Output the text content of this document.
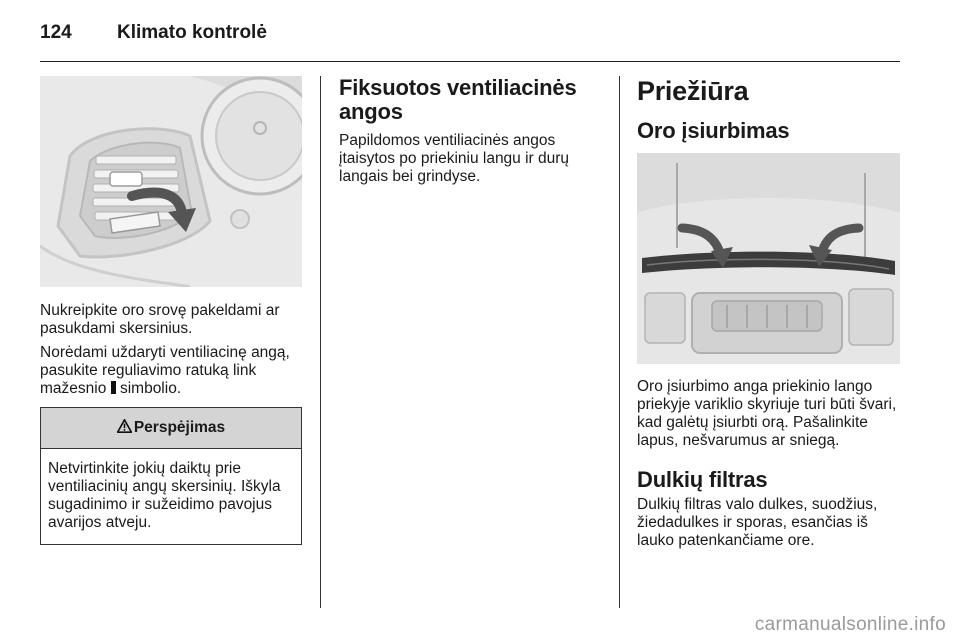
124 Klimato kontrolė

Nukreipkite oro srovę pakeldami ar pasukdami skersinius.

Norėdami uždaryti ventiliacinę angą, pasukite reguliavimo ratuką link mažesnio  simbolio.

Perspėjimas

Netvirtinkite jokių daiktų prie ventiliacinių angų skersinių. Iškyla sugadinimo ir sužeidimo pavojus avarijos atveju.

Fiksuotos ventiliacinės angos

Papildomos ventiliacinės angos įtaisytos po priekiniu langu ir durų langais bei grindyse.

Priežiūra
Oro įsiurbimas

Oro įsiurbimo anga priekinio lango priekyje variklio skyriuje turi būti švari, kad galėtų įsiurbti orą. Pašalinkite lapus, nešvarumus ar sniegą.

Dulkių filtras

Dulkių filtras valo dulkes, suodžius, žiedadulkes ir sporas, esančias iš lauko patenkančiame ore.

carmanualsonline.info
